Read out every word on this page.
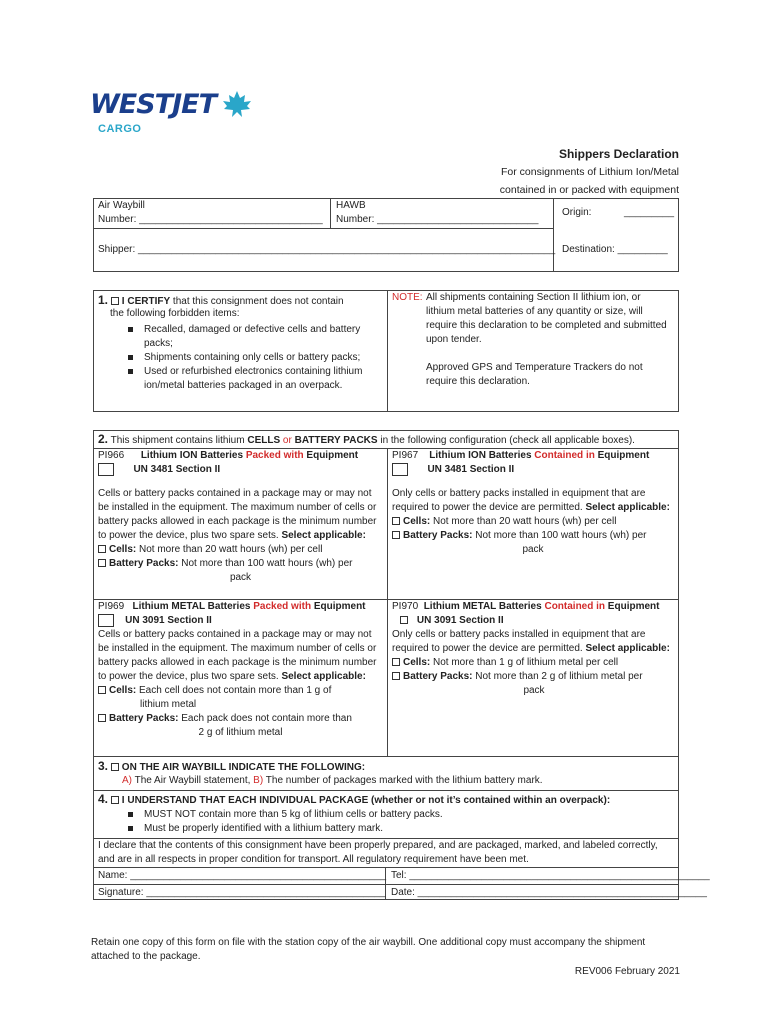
WESTJET
CARGO
Shippers Declaration
For consignments of Lithium Ion/Metal
contained in or packed with equipment
Air Waybill
Number: _________________________________
HAWB
Number: _____________________________
Origin:	_________
Shipper: ___________________________________________________________________________ Destination: _________
1. I CERTIFY that this consignment does not contain
the following forbidden items:
Recalled, damaged or defective cells and battery packs;
Shipments containing only cells or battery packs;
Used or refurbished electronics containing lithium ion/metal batteries packaged in an overpack.
NOTE: All shipments containing Section II lithium ion, or lithium metal batteries of any quantity or size, will require this declaration to be completed and submitted upon tender.
Approved GPS and Temperature Trackers do not require this declaration.
2. This shipment contains lithium CELLS or BATTERY PACKS in the following configuration (check all applicable boxes).

PI966 Lithium ION Batteries Packed with Equipment

UN 3481 Section II

Cells or battery packs contained in a package may or may not be installed in the equipment. The maximum number of cells or battery packs allowed in each package is the minimum number to power the device, plus two spare sets. Select applicable:

Cells: Not more than 20 watt hours (wh) per cell

Battery Packs: Not more than 100 watt hours (wh) per

pack

PI967 Lithium ION Batteries Contained in Equipment

UN 3481 Section II

Only cells or battery packs installed in equipment that are required to power the device are permitted. Select applicable:

Cells: Not more than 20 watt hours (wh) per cell

Battery Packs: Not more than 100 watt hours (wh) per

pack

PI969 Lithium METAL Batteries Packed with Equipment

UN 3091 Section II

Cells or battery packs contained in a package may or may not be installed in the equipment. The maximum number of cells or battery packs allowed in each package is the minimum number to power the device, plus two spare sets. Select applicable:

Cells: Each cell does not contain more than 1 g of

lithium metal

Battery Packs: Each pack does not contain more than

2 g of lithium metal

PI970 Lithium METAL Batteries Contained in Equipment

UN 3091 Section II

Only cells or battery packs installed in equipment that are required to power the device are permitted. Select applicable:

Cells: Not more than 1 g of lithium metal per cell

Battery Packs: Not more than 2 g of lithium metal per

pack

3. ON THE AIR WAYBILL INDICATE THE FOLLOWING:
A) The Air Waybill statement, B) The number of packages marked with the lithium battery mark.
4. I UNDERSTAND THAT EACH INDIVIDUAL PACKAGE (whether or not it’s contained within an overpack):
MUST NOT contain more than 5 kg of lithium cells or battery packs.
Must be properly identified with a lithium battery mark.
I declare that the contents of this consignment have been properly prepared, and are packaged, marked, and labeled correctly, and are in all respects in proper condition for transport. All regulatory requirement have been met.
Name: ______________________________________________ Tel: ______________________________________________________
Signature: ___________________________________________ Date: ____________________________________________________
Retain one copy of this form on file with the station copy of the air waybill. One additional copy must accompany the shipment attached to the package.
REV006 February 2021
